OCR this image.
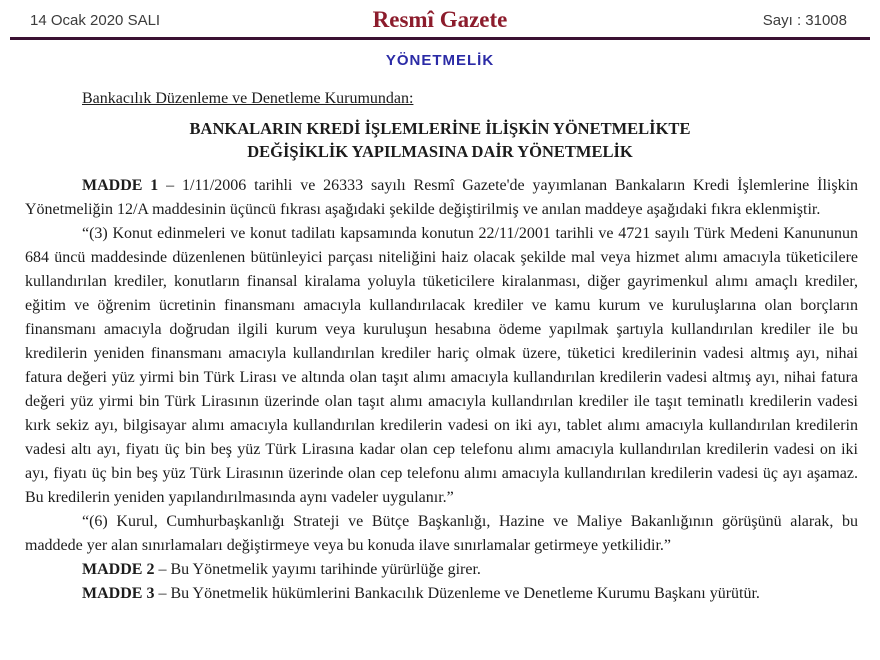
14 Ocak 2020 SALI	Resmî Gazete	Sayı : 31008
YÖNETMELİK
Bankacılık Düzenleme ve Denetleme Kurumundan:
BANKALARIN KREDİ İŞLEMLERİNE İLİŞKİN YÖNETMELİKTE
DEĞİŞİKLİK YAPILMASINA DAİR YÖNETMELİK

MADDE 1 – 1/11/2006 tarihli ve 26333 sayılı Resmî Gazete'de yayımlanan Bankaların Kredi İşlemlerine İlişkin Yönetmeliğin 12/A maddesinin üçüncü fıkrası aşağıdaki şekilde değiştirilmiş ve anılan maddeye aşağıdaki fıkra eklenmiştir.

“(3) Konut edinmeleri ve konut tadilatı kapsamında konutun 22/11/2001 tarihli ve 4721 sayılı Türk Medeni Kanununun 684 üncü maddesinde düzenlenen bütünleyici parçası niteliğini haiz olacak şekilde mal veya hizmet alımı amacıyla tüketicilere kullandırılan krediler, konutların finansal kiralama yoluyla tüketicilere kiralanması, diğer gayrimenkul alımı amaçlı krediler, eğitim ve öğrenim ücretinin finansmanı amacıyla kullandırılacak krediler ve kamu kurum ve kuruluşlarına olan borçların finansmanı amacıyla doğrudan ilgili kurum veya kuruluşun hesabına ödeme yapılmak şartıyla kullandırılan krediler ile bu kredilerin yeniden finansmanı amacıyla kullandırılan krediler hariç olmak üzere, tüketici kredilerinin vadesi altmış ayı, nihai fatura değeri yüz yirmi bin Türk Lirası ve altında olan taşıt alımı amacıyla kullandırılan kredilerin vadesi altmış ayı, nihai fatura değeri yüz yirmi bin Türk Lirasının üzerinde olan taşıt alımı amacıyla kullandırılan krediler ile taşıt teminatlı kredilerin vadesi kırk sekiz ayı, bilgisayar alımı amacıyla kullandırılan kredilerin vadesi on iki ayı, tablet alımı amacıyla kullandırılan kredilerin vadesi altı ayı, fiyatı üç bin beş yüz Türk Lirasına kadar olan cep telefonu alımı amacıyla kullandırılan kredilerin vadesi on iki ayı, fiyatı üç bin beş yüz Türk Lirasının üzerinde olan cep telefonu alımı amacıyla kullandırılan kredilerin vadesi üç ayı aşamaz. Bu kredilerin yeniden yapılandırılmasında aynı vadeler uygulanır.”

“(6) Kurul, Cumhurbaşkanlığı Strateji ve Bütçe Başkanlığı, Hazine ve Maliye Bakanlığının görüşünü alarak, bu maddede yer alan sınırlamaları değiştirmeye veya bu konuda ilave sınırlamalar getirmeye yetkilidir.”

MADDE 2 – Bu Yönetmelik yayımı tarihinde yürürlüğe girer.

MADDE 3 – Bu Yönetmelik hükümlerini Bankacılık Düzenleme ve Denetleme Kurumu Başkanı yürütür.
